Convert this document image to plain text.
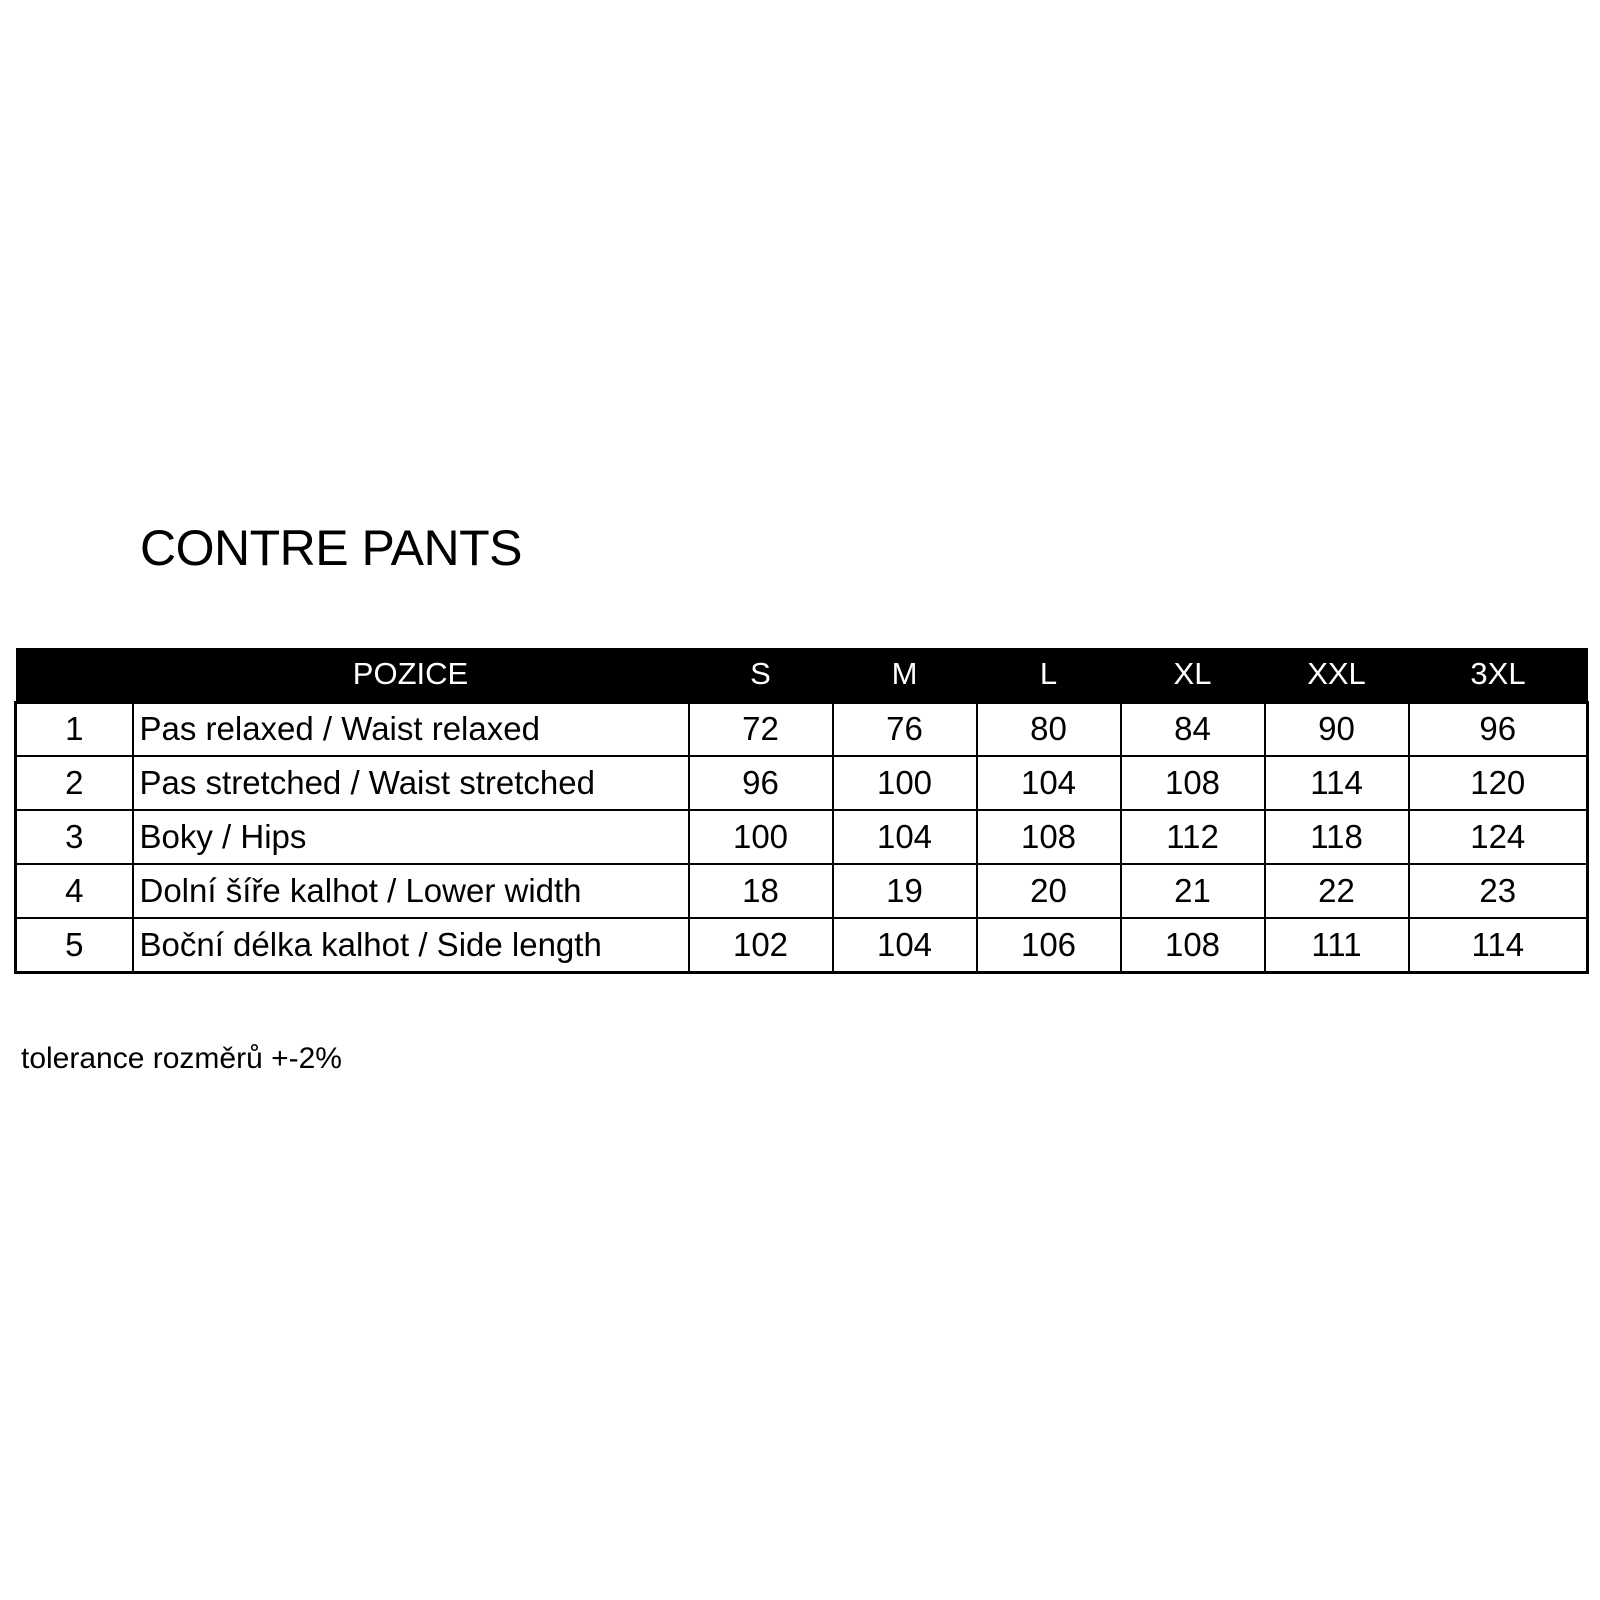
CONTRE PANTS
	POZICE	S	M	L	XL	XXL	3XL
1	Pas relaxed / Waist relaxed	72	76	80	84	90	96
2	Pas stretched / Waist stretched	96	100	104	108	114	120
3	Boky / Hips	100	104	108	112	118	124
4	Dolní šíře kalhot / Lower width	18	19	20	21	22	23
5	Boční délka kalhot / Side length	102	104	106	108	111	114
tolerance rozměrů +-2%
